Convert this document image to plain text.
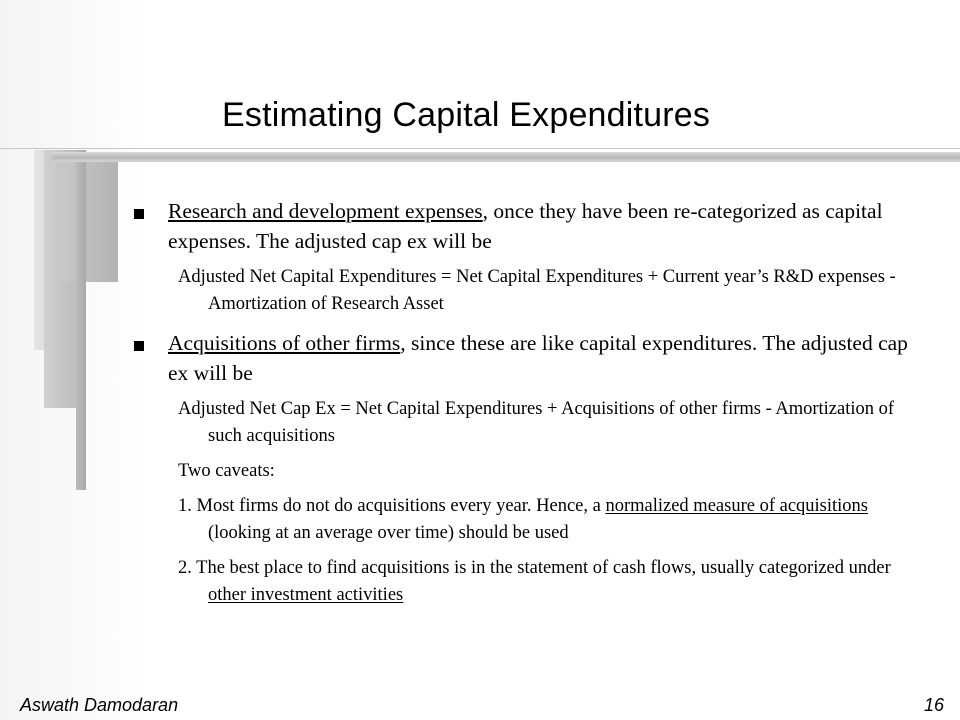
Estimating Capital Expenditures
Research and development expenses, once they have been re-categorized as capital expenses. The adjusted cap ex will be
Adjusted Net Capital Expenditures = Net Capital Expenditures + Current year’s R&D expenses - Amortization of Research Asset
Acquisitions of other firms, since these are like capital expenditures. The adjusted cap ex will be
Adjusted Net Cap Ex = Net Capital Expenditures + Acquisitions of other firms - Amortization of such acquisitions
Two caveats:
1. Most firms do not do acquisitions every year. Hence, a normalized measure of acquisitions (looking at an average over time) should be used
2. The best place to find acquisitions is in the statement of cash flows, usually categorized under other investment activities
Aswath Damodaran	16
